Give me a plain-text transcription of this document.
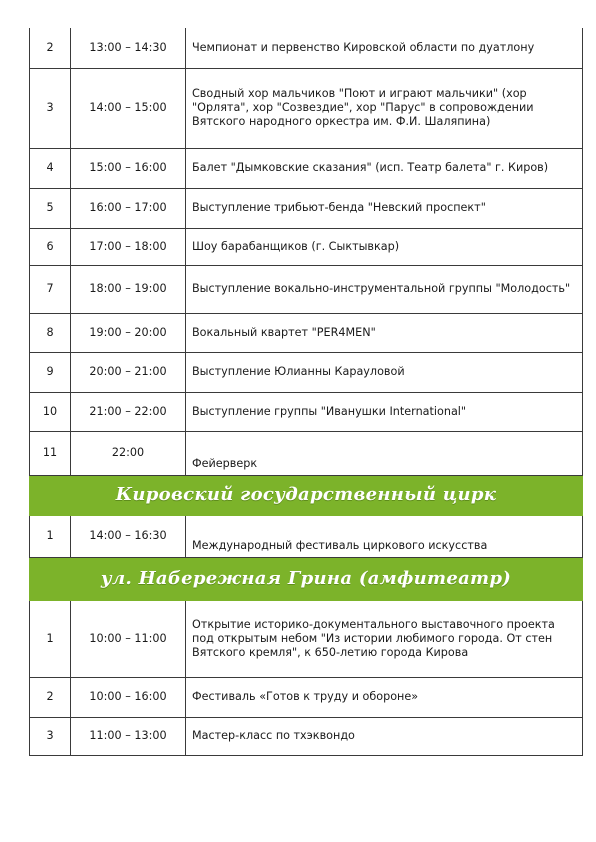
2	13:00 – 14:30	Чемпионат и первенство Кировской области по дуатлону
3	14:00 – 15:00	Сводный хор мальчиков "Поют и играют мальчики" (хор "Орлята", хор "Созвездие", хор "Парус" в сопровождении Вятского народного оркестра им. Ф.И. Шаляпина)
4	15:00 – 16:00	Балет "Дымковские сказания" (исп. Театр балета" г. Киров)
5	16:00 – 17:00	Выступление трибьют-бенда "Невский проспект"
6	17:00 – 18:00	Шоу барабанщиков (г. Сыктывкар)
7	18:00 – 19:00	Выступление вокально-инструментальной группы "Молодость"
8	19:00 – 20:00	Вокальный квартет "PER4MEN"
9	20:00 – 21:00	Выступление Юлианны Карауловой
10	21:00 – 22:00	Выступление группы "Иванушки International"
11	22:00	Фейерверк
Кировский государственный цирк		
1	14:00 – 16:30	Международный фестиваль циркового искусства
ул. Набережная Грина (амфитеатр)		
1	10:00 – 11:00	Открытие историко-документального выставочного проекта под открытым небом "Из истории любимого города. От стен Вятского кремля", к 650-летию города Кирова
2	10:00 – 16:00	Фестиваль «Готов к труду и обороне»
3	11:00 – 13:00	Мастер-класс по тхэквондо
